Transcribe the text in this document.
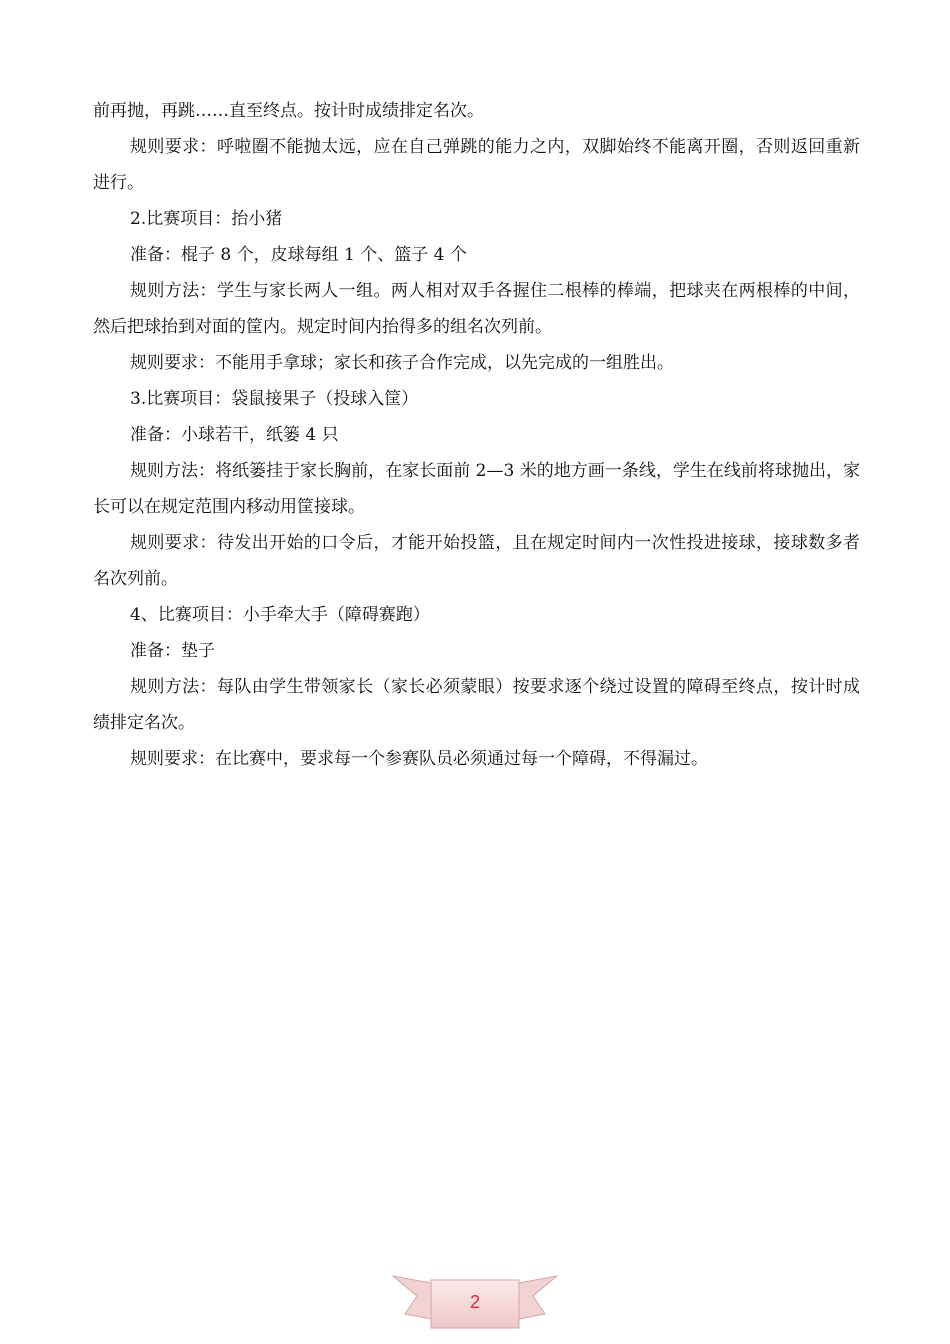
前再抛，再跳……直至终点。按计时成绩排定名次。

规则要求：呼啦圈不能抛太远，应在自己弹跳的能力之内，双脚始终不能离开圈，否则返回重新进行。

2.比赛项目：抬小猪

准备：棍子 8 个，皮球每组 1 个、篮子 4 个

规则方法：学生与家长两人一组。两人相对双手各握住二根棒的棒端，把球夹在两根棒的中间，然后把球抬到对面的筐内。规定时间内抬得多的组名次列前。

规则要求：不能用手拿球；家长和孩子合作完成，以先完成的一组胜出。

3.比赛项目：袋鼠接果子（投球入筐）

准备：小球若干，纸篓 4 只

规则方法：将纸篓挂于家长胸前，在家长面前 2—3 米的地方画一条线，学生在线前将球抛出，家长可以在规定范围内移动用筐接球。

规则要求：待发出开始的口令后，才能开始投篮，且在规定时间内一次性投进接球，接球数多者名次列前。

4、比赛项目：小手牵大手（障碍赛跑）

准备：垫子

规则方法：每队由学生带领家长（家长必须蒙眼）按要求逐个绕过设置的障碍至终点，按计时成绩排定名次。

规则要求：在比赛中，要求每一个参赛队员必须通过每一个障碍，不得漏过。

2
